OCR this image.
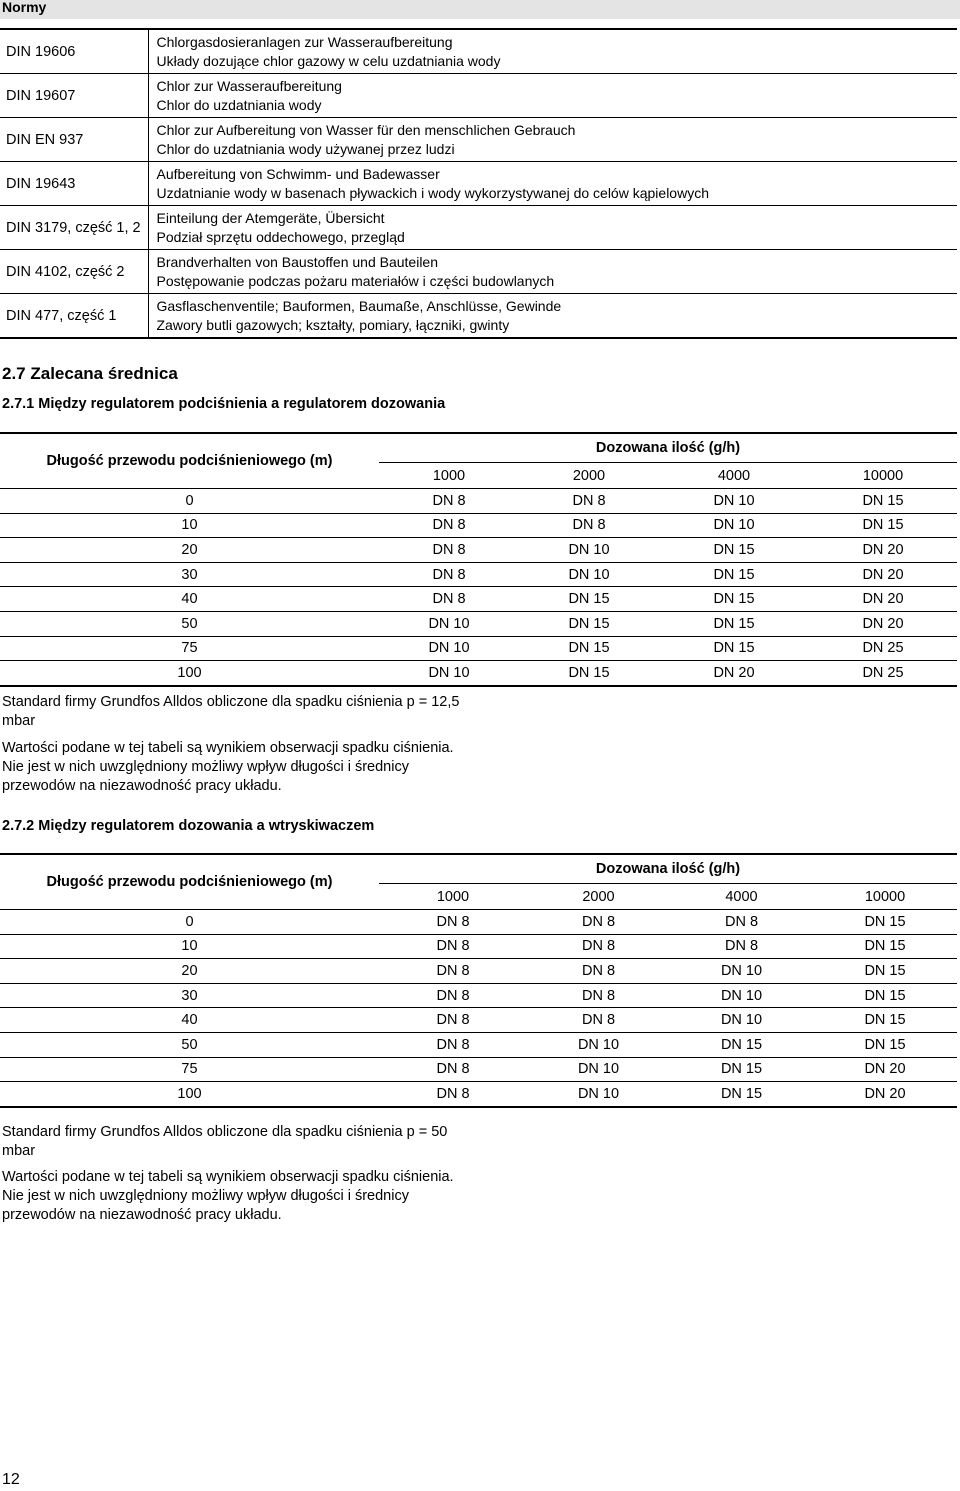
Normy
DIN 19606	Chlorgasdosieranlagen zur Wasseraufbereitung
Układy dozujące chlor gazowy w celu uzdatniania wody

DIN 19607	Chlor zur Wasseraufbereitung
Chlor do uzdatniania wody

DIN EN 937	Chlor zur Aufbereitung von Wasser für den menschlichen Gebrauch
Chlor do uzdatniania wody używanej przez ludzi

DIN 19643	Aufbereitung von Schwimm- und Badewasser
Uzdatnianie wody w basenach pływackich i wody wykorzystywanej do celów kąpielowych

DIN 3179, część 1, 2	Einteilung der Atemgeräte, Übersicht
Podział sprzętu oddechowego, przegląd

DIN 4102, część 2	Brandverhalten von Baustoffen und Bauteilen
Postępowanie podczas pożaru materiałów i części budowlanych

DIN 477, część 1	Gasflaschenventile; Bauformen, Baumaße, Anschlüsse, Gewinde
Zawory butli gazowych; kształty, pomiary, łączniki, gwinty
2.7 Zalecana średnica
2.7.1 Między regulatorem podciśnienia a regulatorem dozowania
Długość przewodu podciśnieniowego (m)	Dozowana ilość (g/h)			
	1000	2000	4000	10000
0	DN 8	DN 8	DN 10	DN 15
10	DN 8	DN 8	DN 10	DN 15
20	DN 8	DN 10	DN 15	DN 20
30	DN 8	DN 10	DN 15	DN 20
40	DN 8	DN 15	DN 15	DN 20
50	DN 10	DN 15	DN 15	DN 20
75	DN 10	DN 15	DN 15	DN 25
100	DN 10	DN 15	DN 20	DN 25

Standard firmy Grundfos Alldos obliczone dla spadku ciśnienia p = 12,5 mbar

Wartości podane w tej tabeli są wynikiem obserwacji spadku ciśnienia. Nie jest w nich uwzględniony możliwy wpływ długości i średnicy przewodów na niezawodność pracy układu.

2.7.2 Między regulatorem dozowania a wtryskiwaczem
Długość przewodu podciśnieniowego (m)	Dozowana ilość (g/h)			
	1000	2000	4000	10000
0	DN 8	DN 8	DN 8	DN 15
10	DN 8	DN 8	DN 8	DN 15
20	DN 8	DN 8	DN 10	DN 15
30	DN 8	DN 8	DN 10	DN 15
40	DN 8	DN 8	DN 10	DN 15
50	DN 8	DN 10	DN 15	DN 15
75	DN 8	DN 10	DN 15	DN 20
100	DN 8	DN 10	DN 15	DN 20

Standard firmy Grundfos Alldos obliczone dla spadku ciśnienia p = 50 mbar

Wartości podane w tej tabeli są wynikiem obserwacji spadku ciśnienia. Nie jest w nich uwzględniony możliwy wpływ długości i średnicy przewodów na niezawodność pracy układu.

12
